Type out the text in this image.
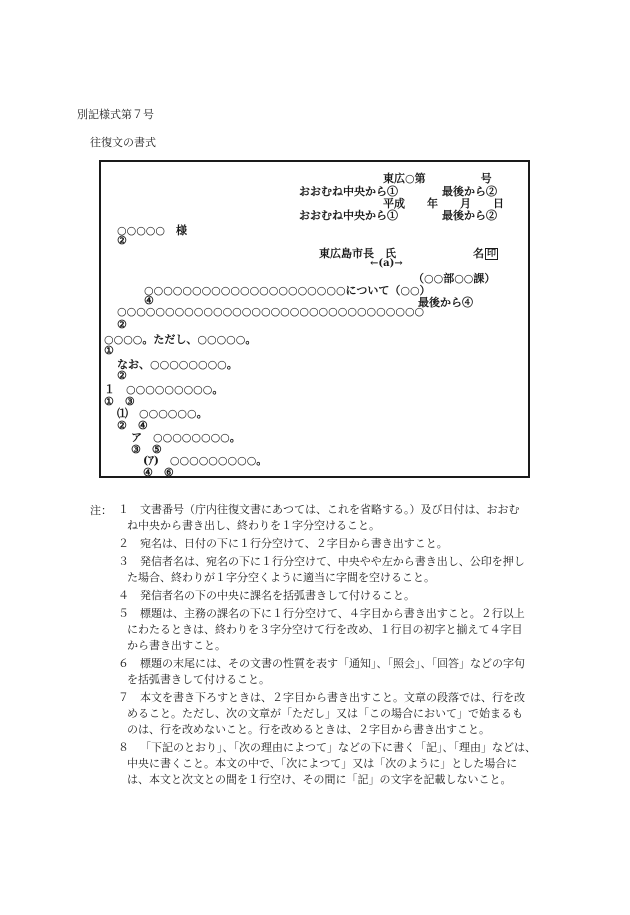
別記様式第７号
往復文の書式
東広○第　　　　　号
おおむね中央から①　　　　最後から②
平成　　年　　月　　日
おおむね中央から①　　　　最後から②
○○○○○　様
②
東広島市長　氏　　　　　　　名 印
←(a)→
（○○部○○課）
○○○○○○○○○○○○○○○○○○○○○について（○○）
④	最後から④
○○○○○○○○○○○○○○○○○○○○○○○○○○○○○○○○
②
○○○○。ただし、○○○○○。
①
なお、○○○○○○○○。
②
１　○○○○○○○○○。
①　③
⑴　○○○○○○。
②　④
ア　○○○○○○○○。
③　⑤
(ｱ)　○○○○○○○○○。
④　⑥
注： １	文書番号（庁内往復文書にあつては、これを省略する。）及び日付は、おおむ
ね中央から書き出し、終わりを１字分空けること。
２	宛名は、日付の下に１行分空けて、２字目から書き出すこと。
３	発信者名は、宛名の下に１行分空けて、中央やや左から書き出し、公印を押し
た場合、終わりが１字分空くように適当に字間を空けること。
４	発信者名の下の中央に課名を括弧書きして付けること。
５	標題は、主務の課名の下に１行分空けて、４字目から書き出すこと。２行以上
にわたるときは、終わりを３字分空けて行を改め、１行目の初字と揃えて４字目
から書き出すこと。
６	標題の末尾には、その文書の性質を表す「通知」、「照会」、「回答」などの字句
を括弧書きして付けること。
７	本文を書き下ろすときは、２字目から書き出すこと。文章の段落では、行を改
めること。ただし、次の文章が「ただし」又は「この場合において」で始まるも
のは、行を改めないこと。行を改めるときは、２字目から書き出すこと。
８	「下記のとおり」、「次の理由によつて」などの下に書く「記」、「理由」などは、
中央に書くこと。本文の中で、「次によつて」又は「次のように」とした場合に
は、本文と次文との間を１行空け、その間に「記」の文字を記載しないこと。
